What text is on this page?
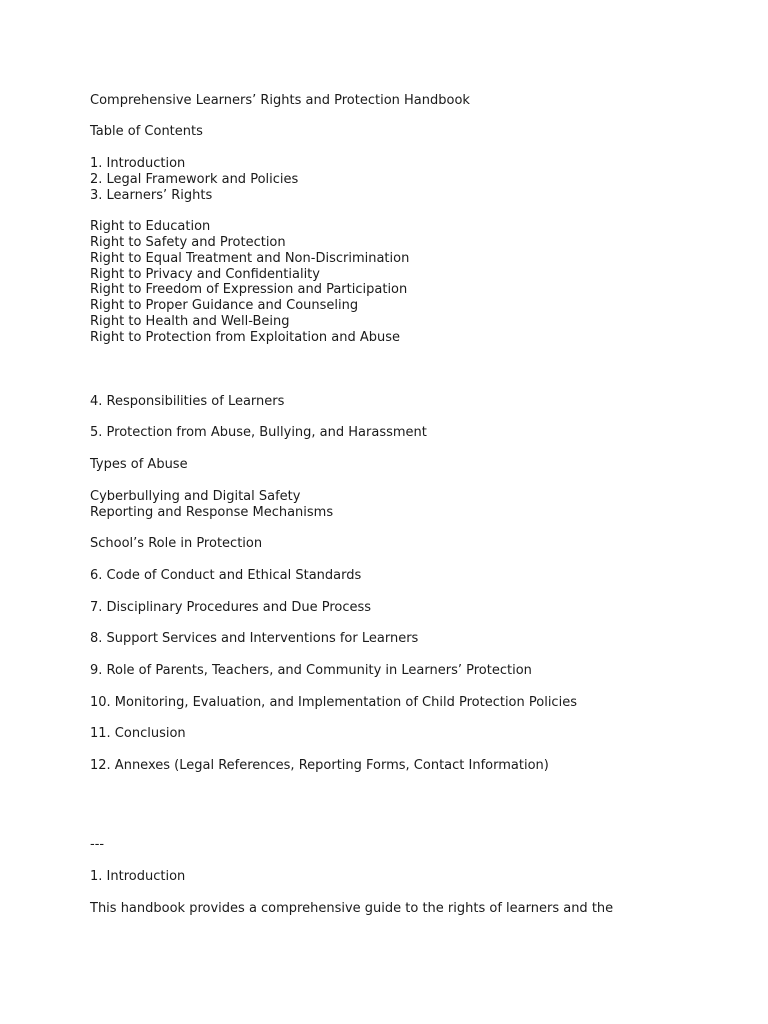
Comprehensive Learners’ Rights and Protection Handbook
Table of Contents
1. Introduction
2. Legal Framework and Policies
3. Learners’ Rights
Right to Education
Right to Safety and Protection
Right to Equal Treatment and Non-Discrimination
Right to Privacy and Confidentiality
Right to Freedom of Expression and Participation
Right to Proper Guidance and Counseling
Right to Health and Well-Being
Right to Protection from Exploitation and Abuse
4. Responsibilities of Learners
5. Protection from Abuse, Bullying, and Harassment
Types of Abuse
Cyberbullying and Digital Safety
Reporting and Response Mechanisms
School’s Role in Protection
6. Code of Conduct and Ethical Standards
7. Disciplinary Procedures and Due Process
8. Support Services and Interventions for Learners
9. Role of Parents, Teachers, and Community in Learners’ Protection
10. Monitoring, Evaluation, and Implementation of Child Protection Policies
11. Conclusion
12. Annexes (Legal References, Reporting Forms, Contact Information)
---
1. Introduction
This handbook provides a comprehensive guide to the rights of learners and the
